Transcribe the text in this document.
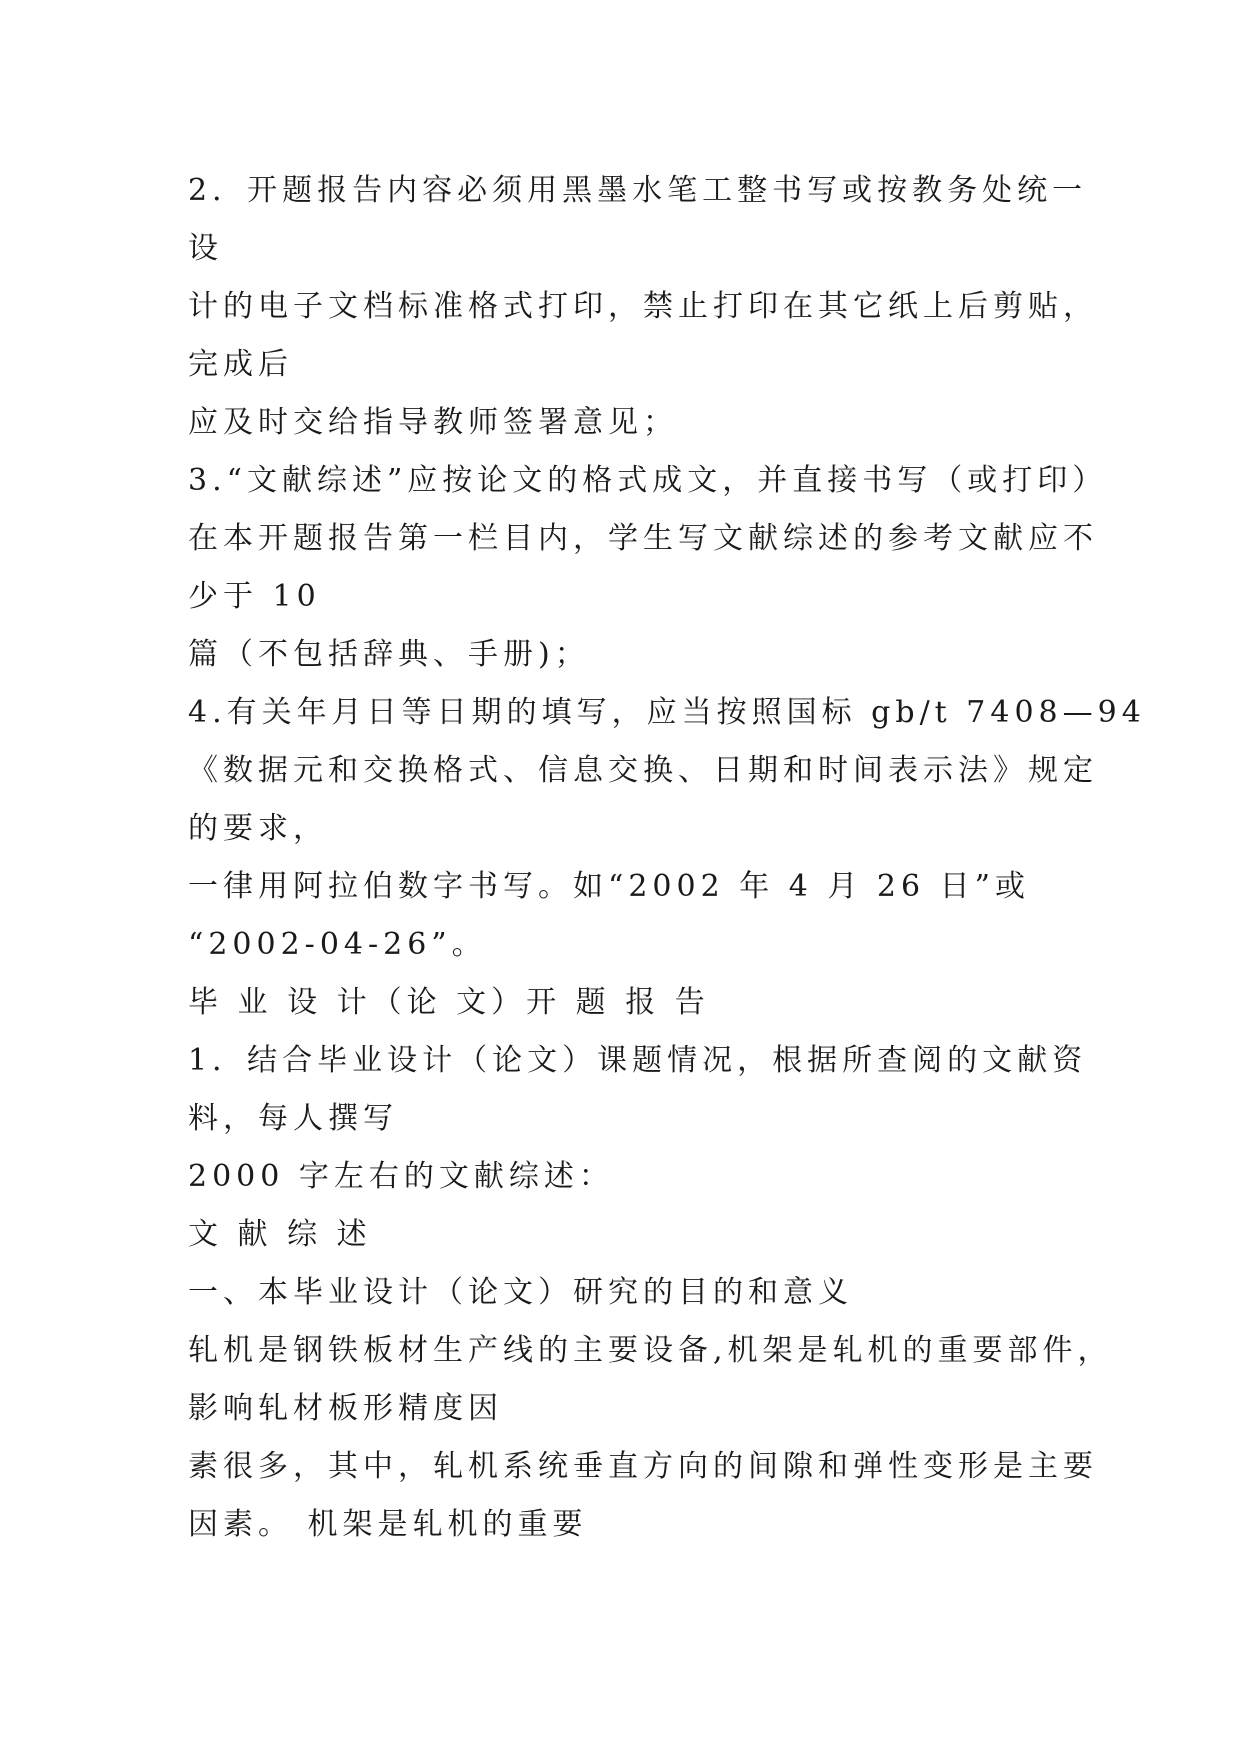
2．开题报告内容必须用黑墨水笔工整书写或按教务处统一
设
计的电子文档标准格式打印，禁止打印在其它纸上后剪贴，
完成后
应及时交给指导教师签署意见；
3.“文献综述”应按论文的格式成文，并直接书写（或打印）
在本开题报告第一栏目内，学生写文献综述的参考文献应不
少于 10
篇（不包括辞典、手册)；
4.有关年月日等日期的填写，应当按照国标 gb/t 7408—94
《数据元和交换格式、信息交换、日期和时间表示法》规定
的要求，
一律用阿拉伯数字书写。如“2002 年 4 月 26 日”或
“2002-04-26”。
毕 业 设 计（论 文）开 题 报 告
1．结合毕业设计（论文）课题情况，根据所查阅的文献资
料，每人撰写
2000 字左右的文献综述：
文 献 综 述
一、本毕业设计（论文）研究的目的和意义
轧机是钢铁板材生产线的主要设备,机架是轧机的重要部件，
影响轧材板形精度因
素很多，其中，轧机系统垂直方向的间隙和弹性变形是主要
因素。 机架是轧机的重要
